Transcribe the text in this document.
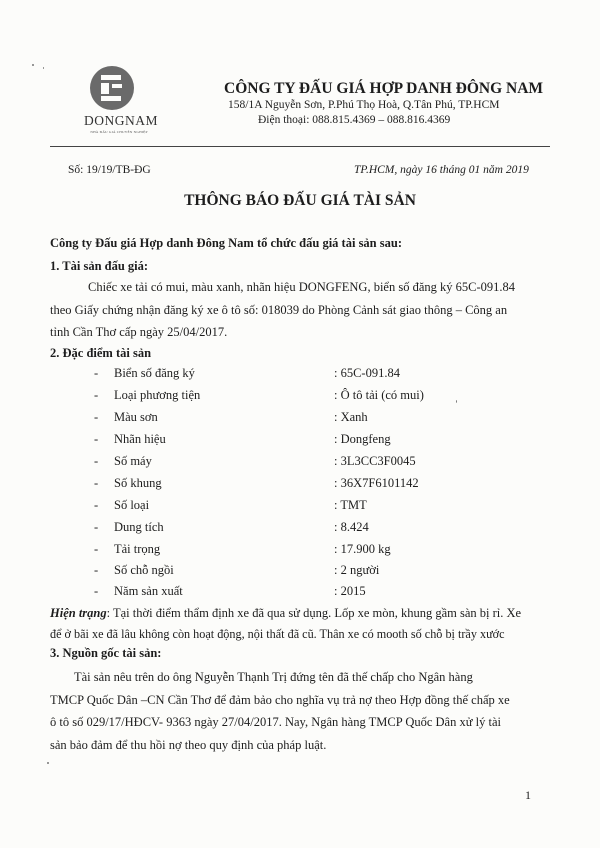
DONGNAM
NHÀ ĐẤU GIÁ CHUYÊN NGHIỆP
CÔNG TY ĐẤU GIÁ HỢP DANH ĐÔNG NAM
158/1A Nguyễn Sơn, P.Phú Thọ Hoà, Q.Tân Phú, TP.HCM
Điện thoại: 088.815.4369 – 088.816.4369
Số: 19/19/TB-ĐG	TP.HCM, ngày 16 tháng 01 năm 2019
THÔNG BÁO ĐẤU GIÁ TÀI SẢN
Công ty Đấu giá Hợp danh Đông Nam tổ chức đấu giá tài sản sau:
1. Tài sản đấu giá:
Chiếc xe tải có mui, màu xanh, nhãn hiệu DONGFENG, biển số đăng ký 65C-091.84
theo Giấy chứng nhận đăng ký xe ô tô số: 018039 do Phòng Cảnh sát giao thông – Công an
tỉnh Cần Thơ cấp ngày 25/04/2017.
2. Đặc điểm tài sản
- Biển số đăng ký	: 65C-091.84
- Loại phương tiện	: Ô tô tải (có mui)
- Màu sơn	: Xanh
- Nhãn hiệu	: Dongfeng
- Số máy	: 3L3CC3F0045
- Số khung	: 36X7F6101142
- Số loại	: TMT
- Dung tích	: 8.424
- Tải trọng	: 17.900 kg
- Số chỗ ngồi	: 2 người
- Năm sản xuất	: 2015
Hiện trạng: Tại thời điểm thẩm định xe đã qua sử dụng. Lốp xe mòn, khung gầm sàn bị rỉ. Xe
để ở bãi xe đã lâu không còn hoạt động, nội thất đã cũ. Thân xe có mooth số chỗ bị trầy xước
3. Nguồn gốc tài sản:
Tài sản nêu trên do ông Nguyễn Thạnh Trị đứng tên đã thế chấp cho Ngân hàng
TMCP Quốc Dân –CN Cần Thơ để đảm bảo cho nghĩa vụ trả nợ theo Hợp đồng thế chấp xe
ô tô số 029/17/HĐCV- 9363 ngày 27/04/2017. Nay, Ngân hàng TMCP Quốc Dân xử lý tài
sản bảo đảm để thu hồi nợ theo quy định của pháp luật.
1
